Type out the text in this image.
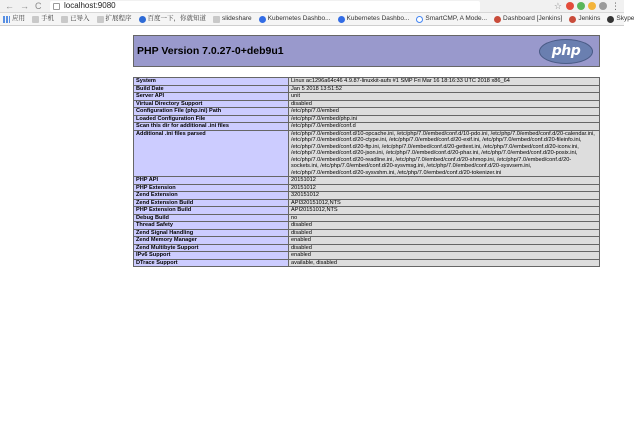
← → C	localhost:9080	☆	⋮
应用 手机 已导入 扩展程序 百度一下，你就知道 slideshare Kubernetes Dashbo... Kubernetes Dashbo... SmartCMP, A Mode... Dashboard [Jenkins] Jenkins Skype
PHP Version 7.0.27-0+deb9u1	php
System	Linux ac1296a64c46 4.9.87-linuxkit-aufs #1 SMP Fri Mar 16 18:16:33 UTC 2018 x86_64
Build Date	Jan 5 2018 13:51:52
Server API	unit
Virtual Directory Support	disabled
Configuration File (php.ini) Path	/etc/php/7.0/embed
Loaded Configuration File	/etc/php/7.0/embed/php.ini
Scan this dir for additional .ini files	/etc/php/7.0/embed/conf.d
Additional .ini files parsed	/etc/php/7.0/embed/conf.d/10-opcache.ini, /etc/php/7.0/embed/conf.d/10-pdo.ini, /etc/php/7.0/embed/conf.d/20-calendar.ini, /etc/php/7.0/embed/conf.d/20-ctype.ini, /etc/php/7.0/embed/conf.d/20-exif.ini, /etc/php/7.0/embed/conf.d/20-fileinfo.ini, /etc/php/7.0/embed/conf.d/20-ftp.ini, /etc/php/7.0/embed/conf.d/20-gettext.ini, /etc/php/7.0/embed/conf.d/20-iconv.ini, /etc/php/7.0/embed/conf.d/20-json.ini, /etc/php/7.0/embed/conf.d/20-phar.ini, /etc/php/7.0/embed/conf.d/20-posix.ini, /etc/php/7.0/embed/conf.d/20-readline.ini, /etc/php/7.0/embed/conf.d/20-shmop.ini, /etc/php/7.0/embed/conf.d/20-sockets.ini, /etc/php/7.0/embed/conf.d/20-sysvmsg.ini, /etc/php/7.0/embed/conf.d/20-sysvsem.ini, /etc/php/7.0/embed/conf.d/20-sysvshm.ini, /etc/php/7.0/embed/conf.d/20-tokenizer.ini
PHP API	20151012
PHP Extension	20151012
Zend Extension	320151012
Zend Extension Build	API320151012,NTS
PHP Extension Build	API20151012,NTS
Debug Build	no
Thread Safety	disabled
Zend Signal Handling	disabled
Zend Memory Manager	enabled
Zend Multibyte Support	disabled
IPv6 Support	enabled
DTrace Support	available, disabled
